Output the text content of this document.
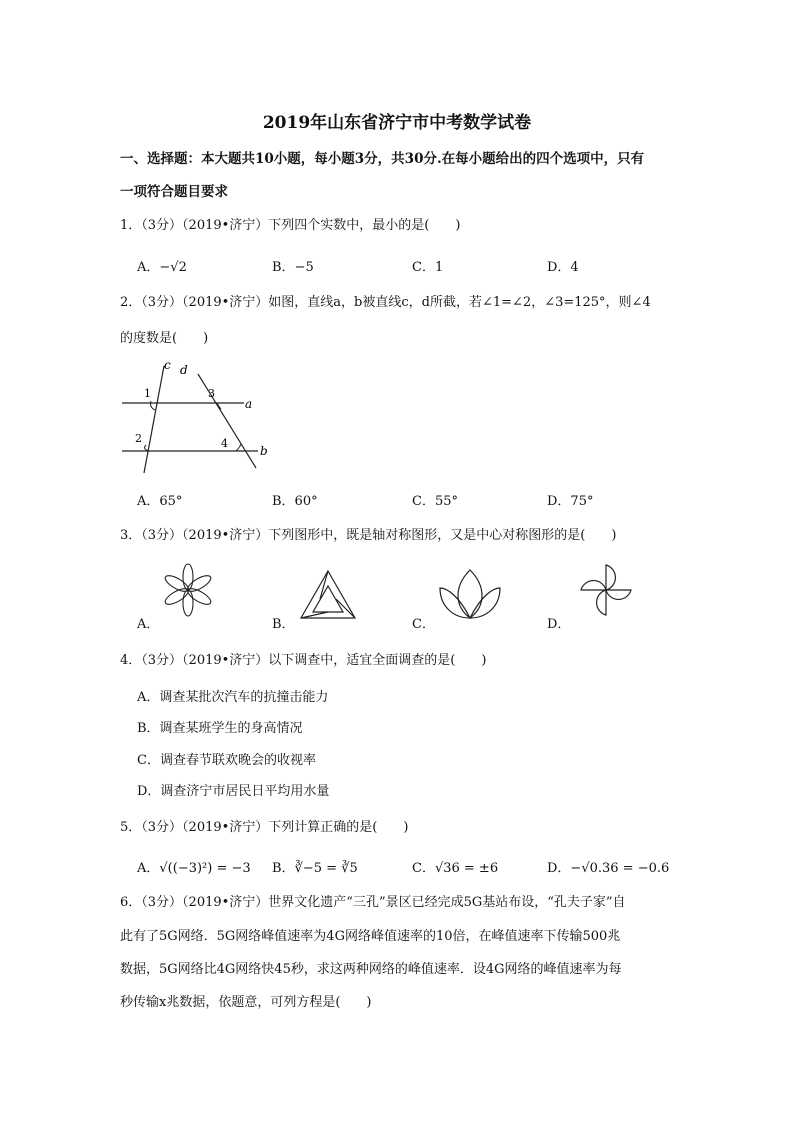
2019年山东省济宁市中考数学试卷
一、选择题：本大题共10小题，每小题3分，共30分.在每小题给出的四个选项中，只有
一项符合题目要求
1．（3分）（2019•济宁）下列四个实数中，最小的是(　　)
A．−√2	B．−5	C．1	D．4
2．（3分）（2019•济宁）如图，直线a，b被直线c，d所截，若∠1=∠2，∠3=125°，则∠4
的度数是(　　)
c d
1	3
a
2	4
b
A．65°	B．60°	C．55°	D．75°
3．（3分）（2019•济宁）下列图形中，既是轴对称图形，又是中心对称图形的是(　　)
A．	B．	C．	D．
4．（3分）（2019•济宁）以下调查中，适宜全面调查的是(　　)
A．调查某批次汽车的抗撞击能力
B．调查某班学生的身高情况
C．调查春节联欢晚会的收视率
D．调查济宁市居民日平均用水量
5．（3分）（2019•济宁）下列计算正确的是(　　)
A．√((−3)²) = −3 B．∛−5 = ∛5	C．√36 = ±6	D．−√0.36 = −0.6
6．（3分）（2019•济宁）世界文化遗产“三孔”景区已经完成5G基站布设，“孔夫子家”自
此有了5G网络．5G网络峰值速率为4G网络峰值速率的10倍，在峰值速率下传输500兆
数据，5G网络比4G网络快45秒，求这两种网络的峰值速率．设4G网络的峰值速率为每
秒传输x兆数据，依题意，可列方程是(　　)
